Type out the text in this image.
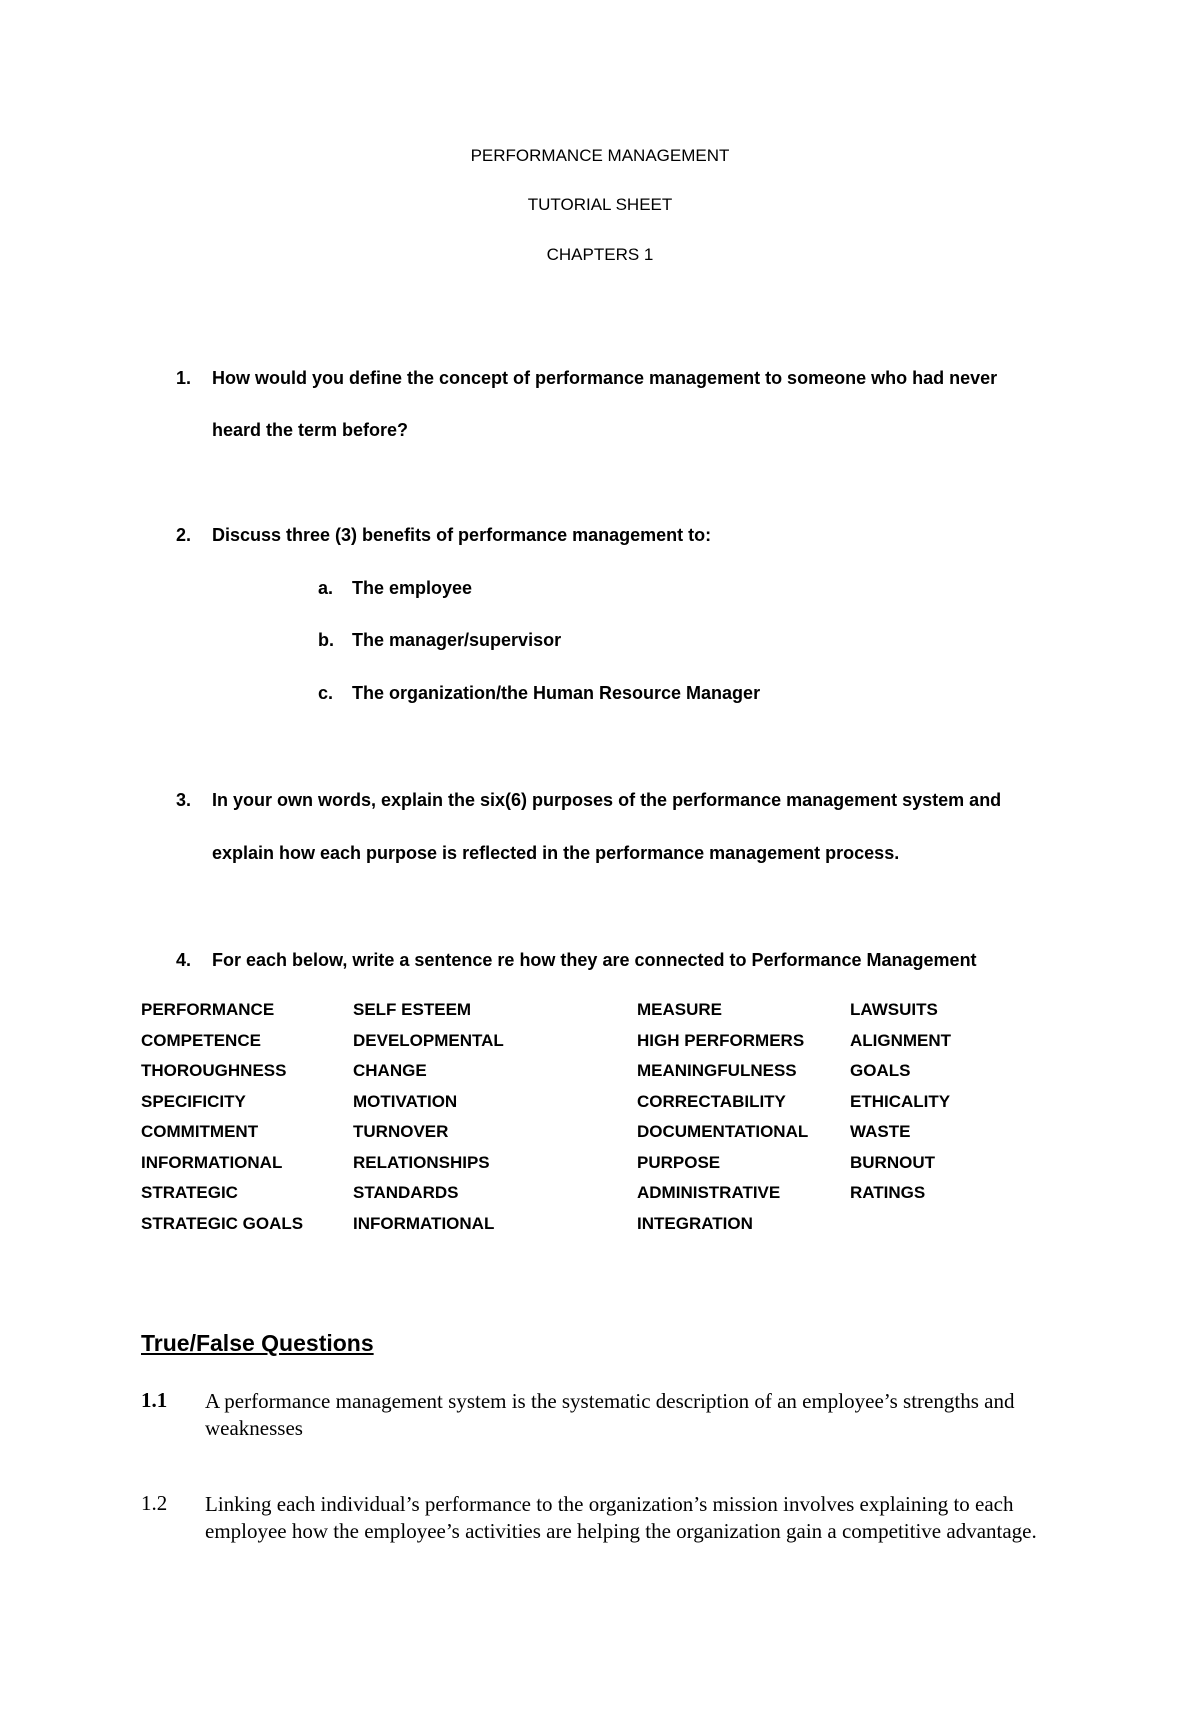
PERFORMANCE MANAGEMENT
TUTORIAL SHEET
CHAPTERS 1
1. How would you define the concept of performance management to someone who had never
heard the term before?
2. Discuss three (3) benefits of performance management to:
a. The employee
b. The manager/supervisor
c. The organization/the Human Resource Manager
3. In your own words, explain the six(6) purposes of the performance management system and
explain how each purpose is reflected in the performance management process.
4. For each below, write a sentence re how they are connected to Performance Management
PERFORMANCE
COMPETENCE
THOROUGHNESS
SPECIFICITY
COMMITMENT
INFORMATIONAL
STRATEGIC
STRATEGIC GOALS
SELF ESTEEM
DEVELOPMENTAL
CHANGE
MOTIVATION
TURNOVER
RELATIONSHIPS
STANDARDS
INFORMATIONAL
MEASURE
HIGH PERFORMERS
MEANINGFULNESS
CORRECTABILITY
DOCUMENTATIONAL
PURPOSE
ADMINISTRATIVE
INTEGRATION
LAWSUITS
ALIGNMENT
GOALS
ETHICALITY
WASTE
BURNOUT
RATINGS
True/False Questions
1.1 A performance management system is the systematic description of an employee’s strengths and weaknesses
1.2 Linking each individual’s performance to the organization’s mission involves explaining to each employee how the employee’s activities are helping the organization gain a competitive advantage.
